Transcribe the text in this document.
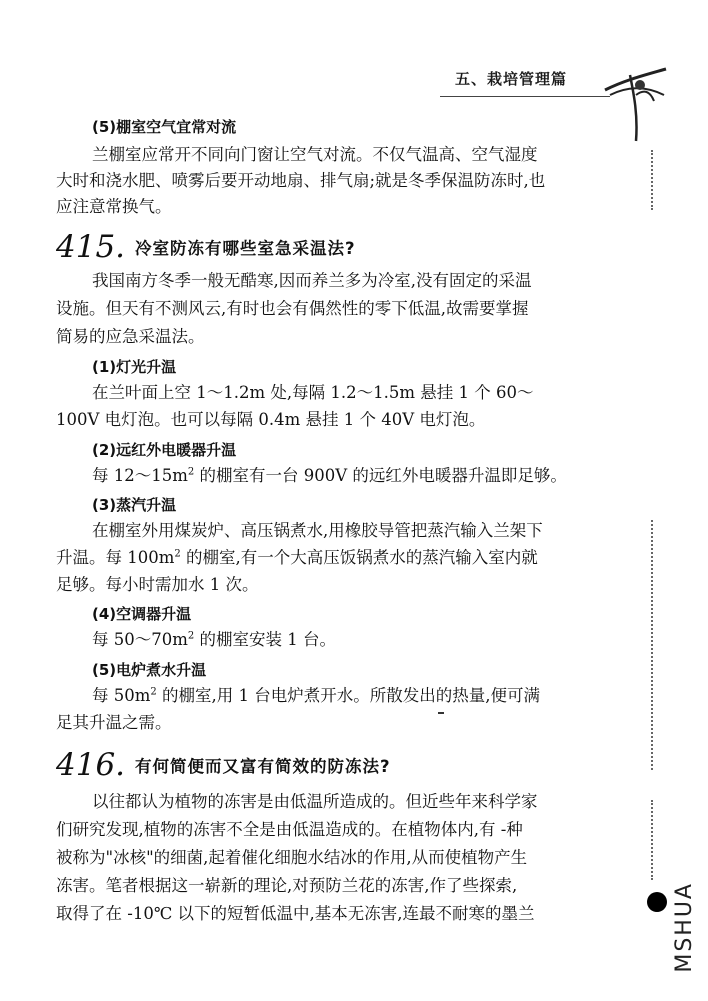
五、栽培管理篇
MSHUA
(5)棚室空气宜常对流
兰棚室应常开不同向门窗让空气对流。不仅气温高、空气湿度
大时和浇水肥、喷雾后要开动地扇、排气扇;就是冬季保温防冻时,也
应注意常换气。
415. 冷室防冻有哪些室急采温法?
我国南方冬季一般无酷寒,因而养兰多为冷室,没有固定的采温
设施。但天有不测风云,有时也会有偶然性的零下低温,故需要掌握
简易的应急采温法。
(1)灯光升温
在兰叶面上空 1～1.2m 处,每隔 1.2～1.5m 悬挂 1 个 60～
100V 电灯泡。也可以每隔 0.4m 悬挂 1 个 40V 电灯泡。
(2)远红外电暖器升温
每 $12\sim 15m^2$ 的棚室有一台 900V 的远红外电暖器升温即足够。
(3)蒸汽升温
在棚室外用煤炭炉、高压锅煮水,用橡胶导管把蒸汽输入兰架下
升温。每 $100m^2$ 的棚室,有一个大高压饭锅煮水的蒸汽输入室内就
足够。每小时需加水 1 次。
(4)空调器升温
每 $50\sim 70m^2$ 的棚室安装 1 台。
(5)电炉煮水升温
每 $50m^2$ 的棚室,用 1 台电炉煮开水。所散发出的热量,便可满
足其升温之需。
416. 有何简便而又富有简效的防冻法?
以往都认为植物的冻害是由低温所造成的。但近些年来科学家
们研究发现,植物的冻害不全是由低温造成的。在植物体内,有 -种
被称为"冰核"的细菌,起着催化细胞水结冰的作用,从而使植物产生
冻害。笔者根据这一崭新的理论,对预防兰花的冻害,作了些探索,
取得了在 -10℃ 以下的短暂低温中,基本无冻害,连最不耐寒的墨兰
